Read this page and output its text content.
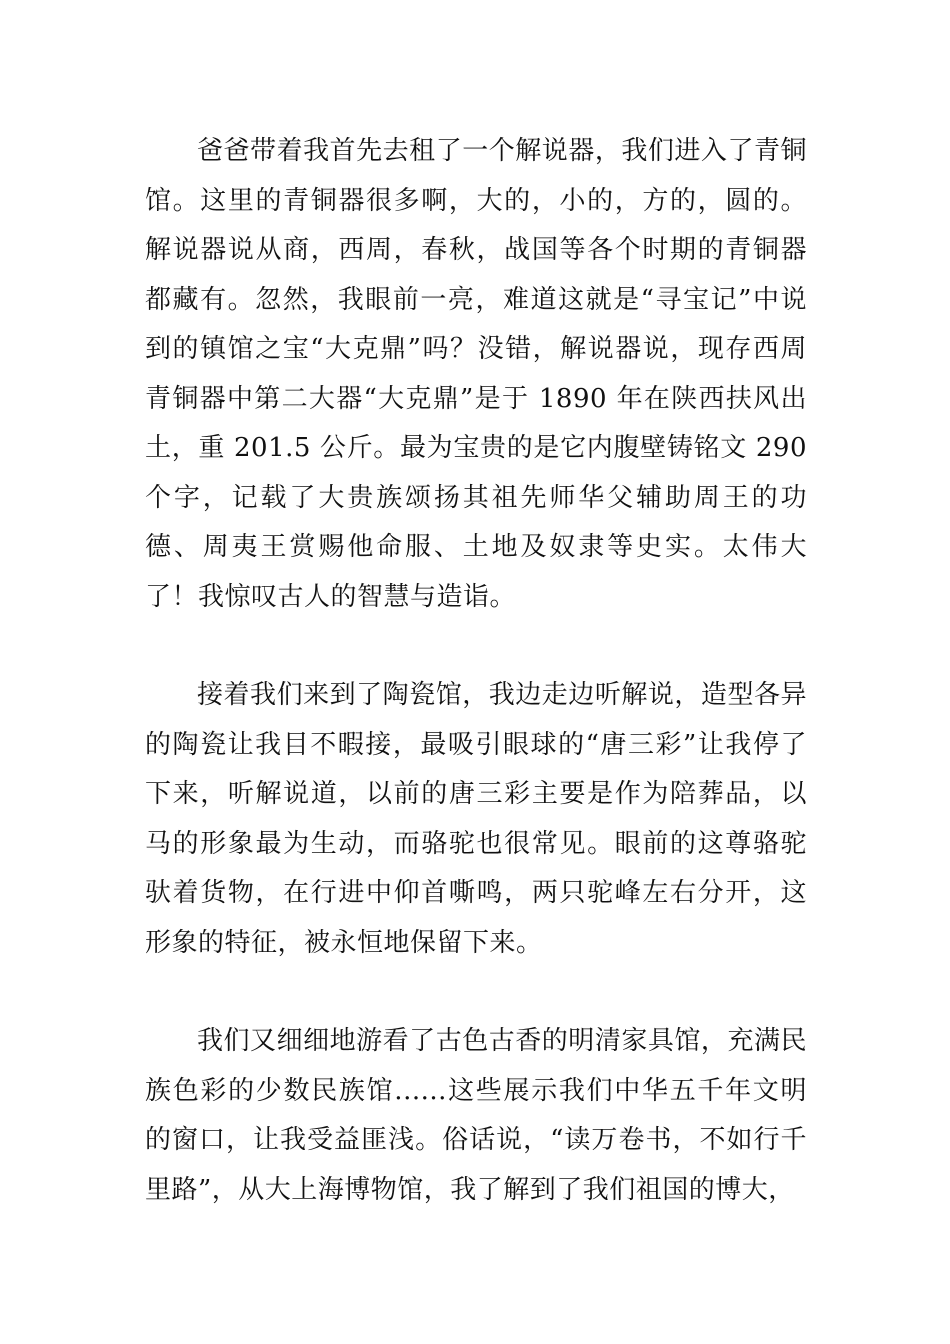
爸爸带着我首先去租了一个解说器，我们进入了青铜馆。这里的青铜器很多啊，大的，小的，方的，圆的。解说器说从商，西周，春秋，战国等各个时期的青铜器都藏有。忽然，我眼前一亮，难道这就是“寻宝记”中说到的镇馆之宝“大克鼎”吗？没错，解说器说，现存西周青铜器中第二大器“大克鼎”是于 1890 年在陕西扶风出土，重 201.5 公斤。最为宝贵的是它内腹壁铸铭文 290 个字，记载了大贵族颂扬其祖先师华父辅助周王的功德、周夷王赏赐他命服、土地及奴隶等史实。太伟大了！我惊叹古人的智慧与造诣。

接着我们来到了陶瓷馆，我边走边听解说，造型各异的陶瓷让我目不暇接，最吸引眼球的“唐三彩”让我停了下来，听解说道，以前的唐三彩主要是作为陪葬品，以马的形象最为生动，而骆驼也很常见。眼前的这尊骆驼驮着货物，在行进中仰首嘶鸣，两只驼峰左右分开，这形象的特征，被永恒地保留下来。

我们又细细地游看了古色古香的明清家具馆，充满民族色彩的少数民族馆......这些展示我们中华五千年文明的窗口，让我受益匪浅。俗话说，“读万卷书，不如行千里路”，从大上海博物馆，我了解到了我们祖国的博大，
